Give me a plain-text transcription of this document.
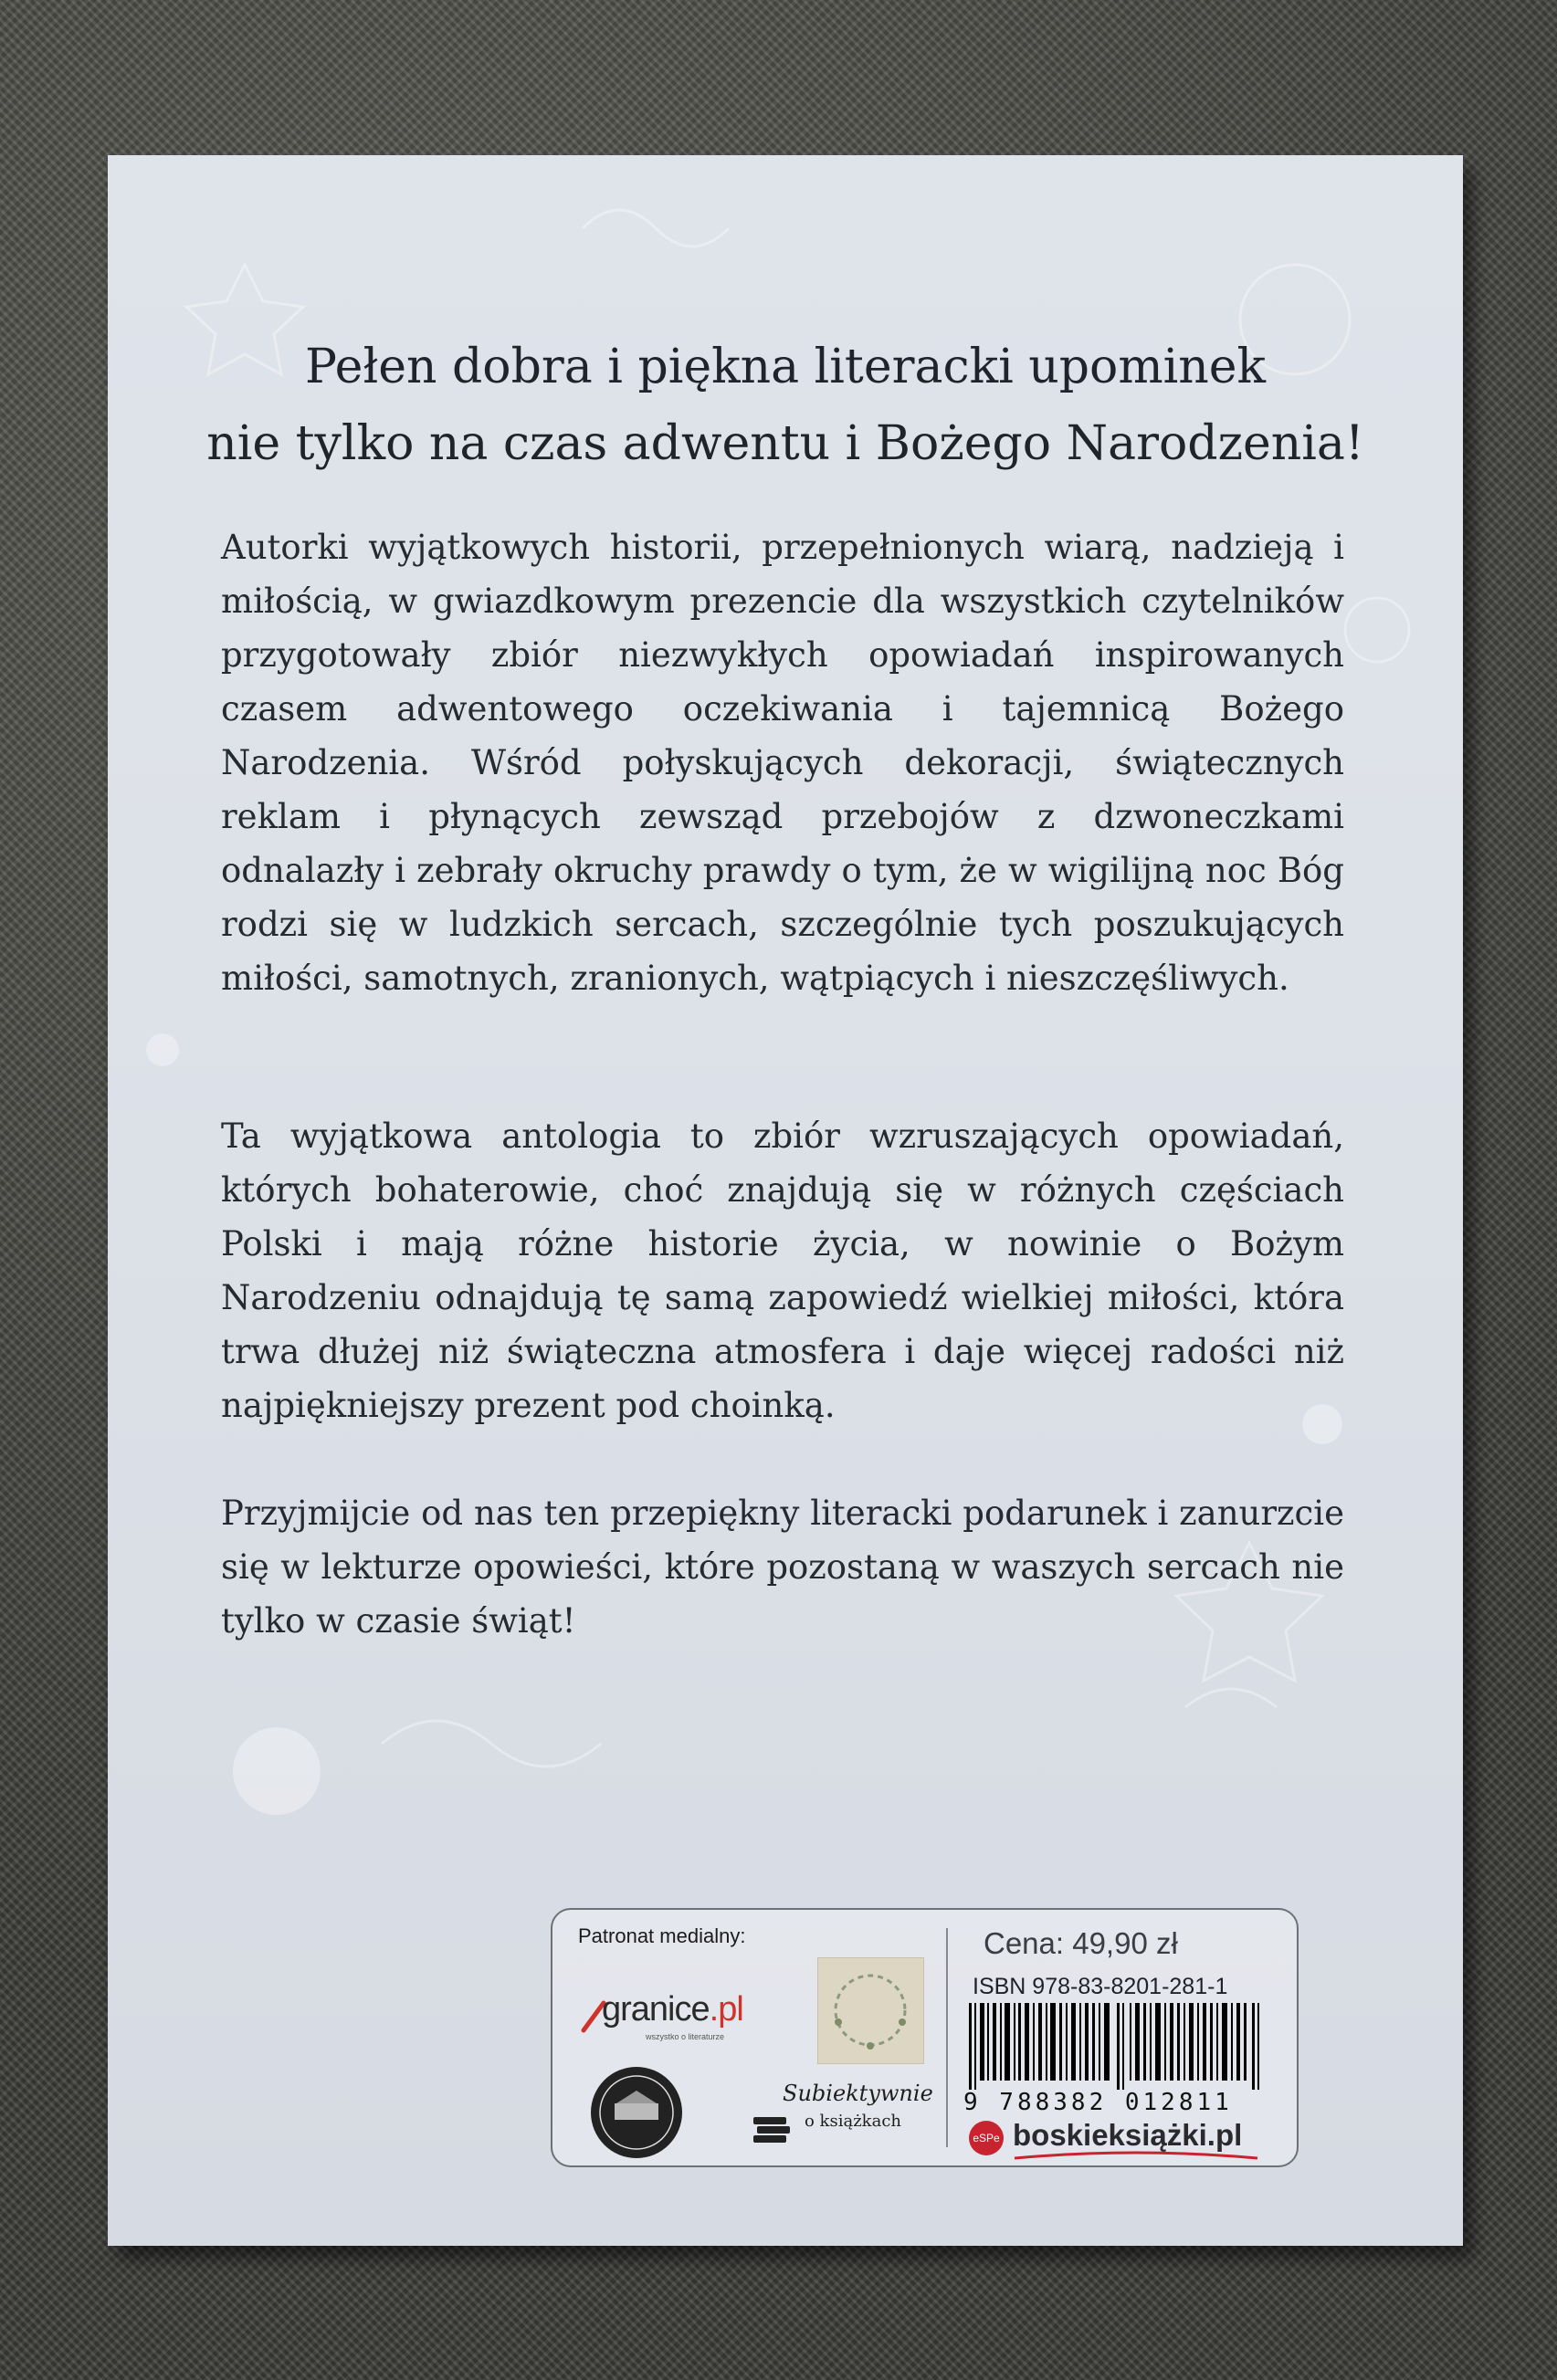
Pełen dobra i piękna literacki upominek
nie tylko na czas adwentu i Bożego Narodzenia!

Autorki wyjątkowych historii, przepełnionych wiarą, nadzieją i miłością, w gwiazdkowym prezencie dla wszystkich czytelników przygotowały zbiór niezwykłych opowiadań inspirowanych czasem adwentowego oczekiwania i tajemnicą Bożego Narodzenia. Wśród połyskujących dekoracji, świątecznych reklam i płynących zewsząd przebojów z dzwoneczkami odnalazły i zebrały okruchy prawdy o tym, że w wigilijną noc Bóg rodzi się w ludzkich sercach, szczególnie tych poszukujących miłości, samotnych, zranionych, wątpiących i nieszczęśliwych.

Ta wyjątkowa antologia to zbiór wzruszających opowiadań, których bohaterowie, choć znajdują się w różnych częściach Polski i mają różne historie życia, w nowinie o Bożym Narodzeniu odnajdują tę samą zapowiedź wielkiej miłości, która trwa dłużej niż świąteczna atmosfera i daje więcej radości niż najpiękniejszy prezent pod choinką.

Przyjmijcie od nas ten przepiękny literacki podarunek i zanurzcie się w lekturze opowieści, które pozostaną w waszych sercach nie tylko w czasie świąt!

Patronat medialny:
granice.pl
wszystko o literaturze
Subiektywnie
o książkach
Cena: 49,90 zł
ISBN 978-83-8201-281-1
9 788382 012811
eSPe boskieksiążki.pl
